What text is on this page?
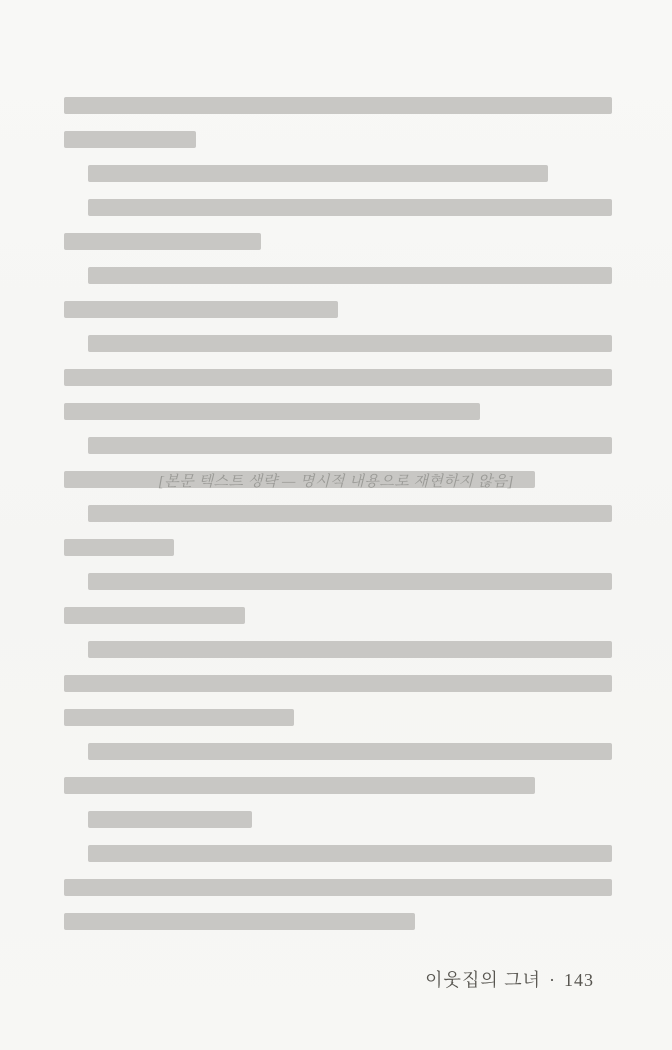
[본문 텍스트 생략 — 명시적 내용으로 재현하지 않음]
이웃집의 그녀 · 143
